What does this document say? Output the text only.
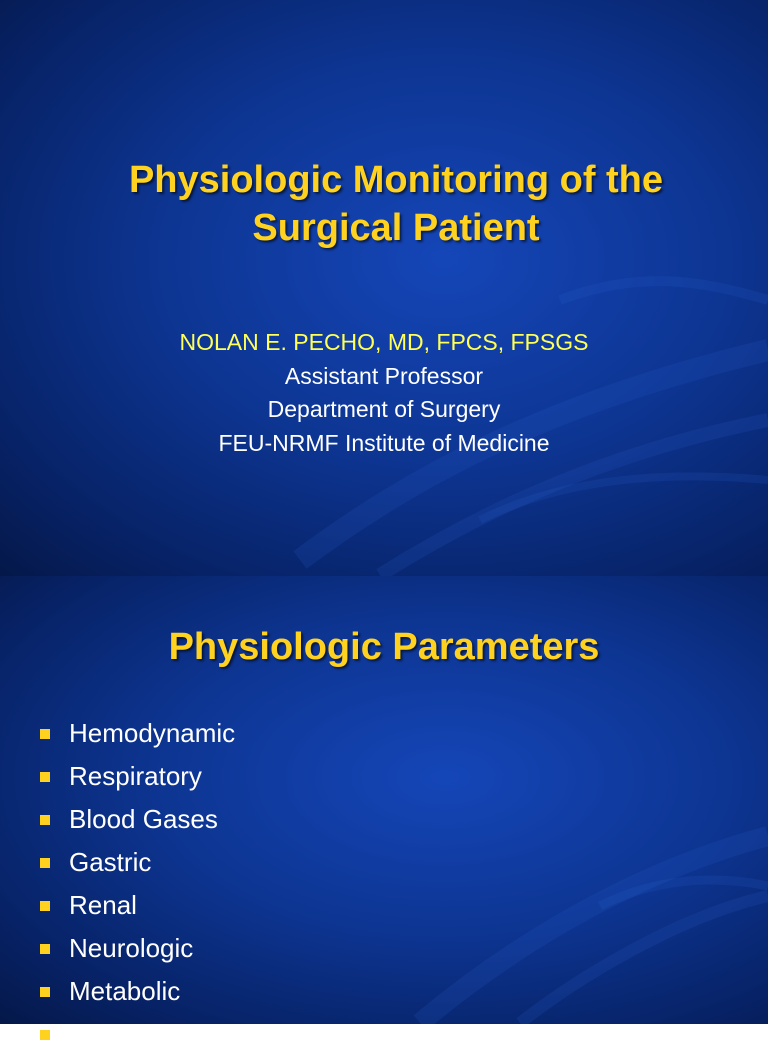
Physiologic Monitoring of the
Surgical Patient
NOLAN E. PECHO, MD, FPCS, FPSGS
Assistant Professor
Department of Surgery
FEU-NRMF Institute of Medicine
Physiologic Parameters
Hemodynamic
Respiratory
Blood Gases
Gastric
Renal
Neurologic
Metabolic
Temperature
